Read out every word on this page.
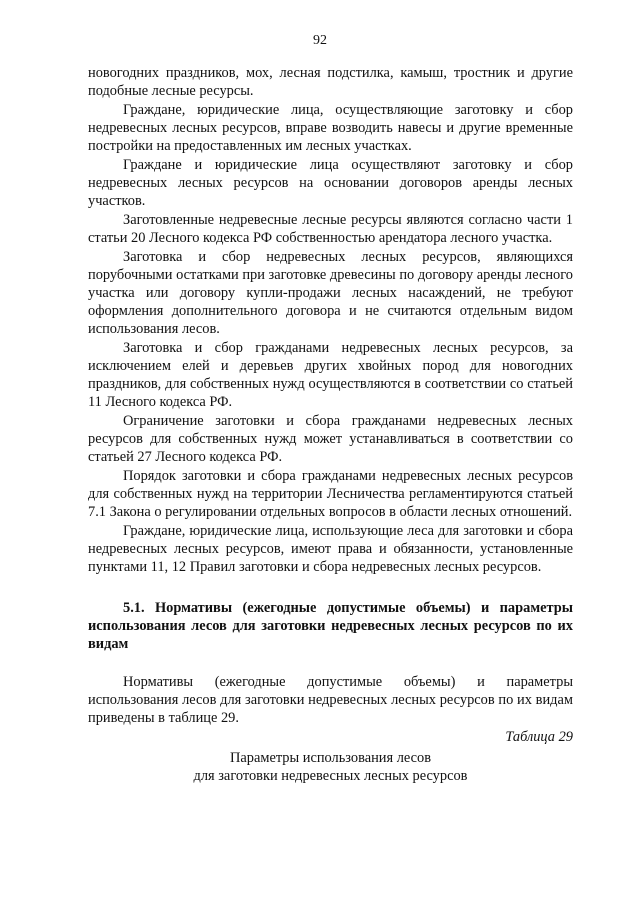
92

новогодних праздников, мох, лесная подстилка, камыш, тростник и другие подобные лесные ресурсы.

Граждане, юридические лица, осуществляющие заготовку и сбор недревесных лесных ресурсов, вправе возводить навесы и другие временные постройки на предоставленных им лесных участках.

Граждане и юридические лица осуществляют заготовку и сбор недревесных лесных ресурсов на основании договоров аренды лесных участков.

Заготовленные недревесные лесные ресурсы являются согласно части 1 статьи 20 Лесного кодекса РФ собственностью арендатора лесного участка.

Заготовка и сбор недревесных лесных ресурсов, являющихся порубочными остатками при заготовке древесины по договору аренды лесного участка или договору купли-продажи лесных насаждений, не требуют оформления дополнительного договора и не считаются отдельным видом использования лесов.

Заготовка и сбор гражданами недревесных лесных ресурсов, за исключением елей и деревьев других хвойных пород для новогодних праздников, для собственных нужд осуществляются в соответствии со статьей 11 Лесного кодекса РФ.

Ограничение заготовки и сбора гражданами недревесных лесных ресурсов для собственных нужд может устанавливаться в соответствии со статьей 27 Лесного кодекса РФ.

Порядок заготовки и сбора гражданами недревесных лесных ресурсов для собственных нужд на территории Лесничества регламентируются статьей 7.1 Закона о регулировании отдельных вопросов в области лесных отношений.

Граждане, юридические лица, использующие леса для заготовки и сбора недревесных лесных ресурсов, имеют права и обязанности, установленные пунктами 11, 12 Правил заготовки и сбора недревесных лесных ресурсов.

5.1. Нормативы (ежегодные допустимые объемы) и параметры использования лесов для заготовки недревесных лесных ресурсов по их видам

Нормативы (ежегодные допустимые объемы) и параметры использования лесов для заготовки недревесных лесных ресурсов по их видам приведены в таблице 29.

Таблица 29

Параметры использования лесов
для заготовки недревесных лесных ресурсов
